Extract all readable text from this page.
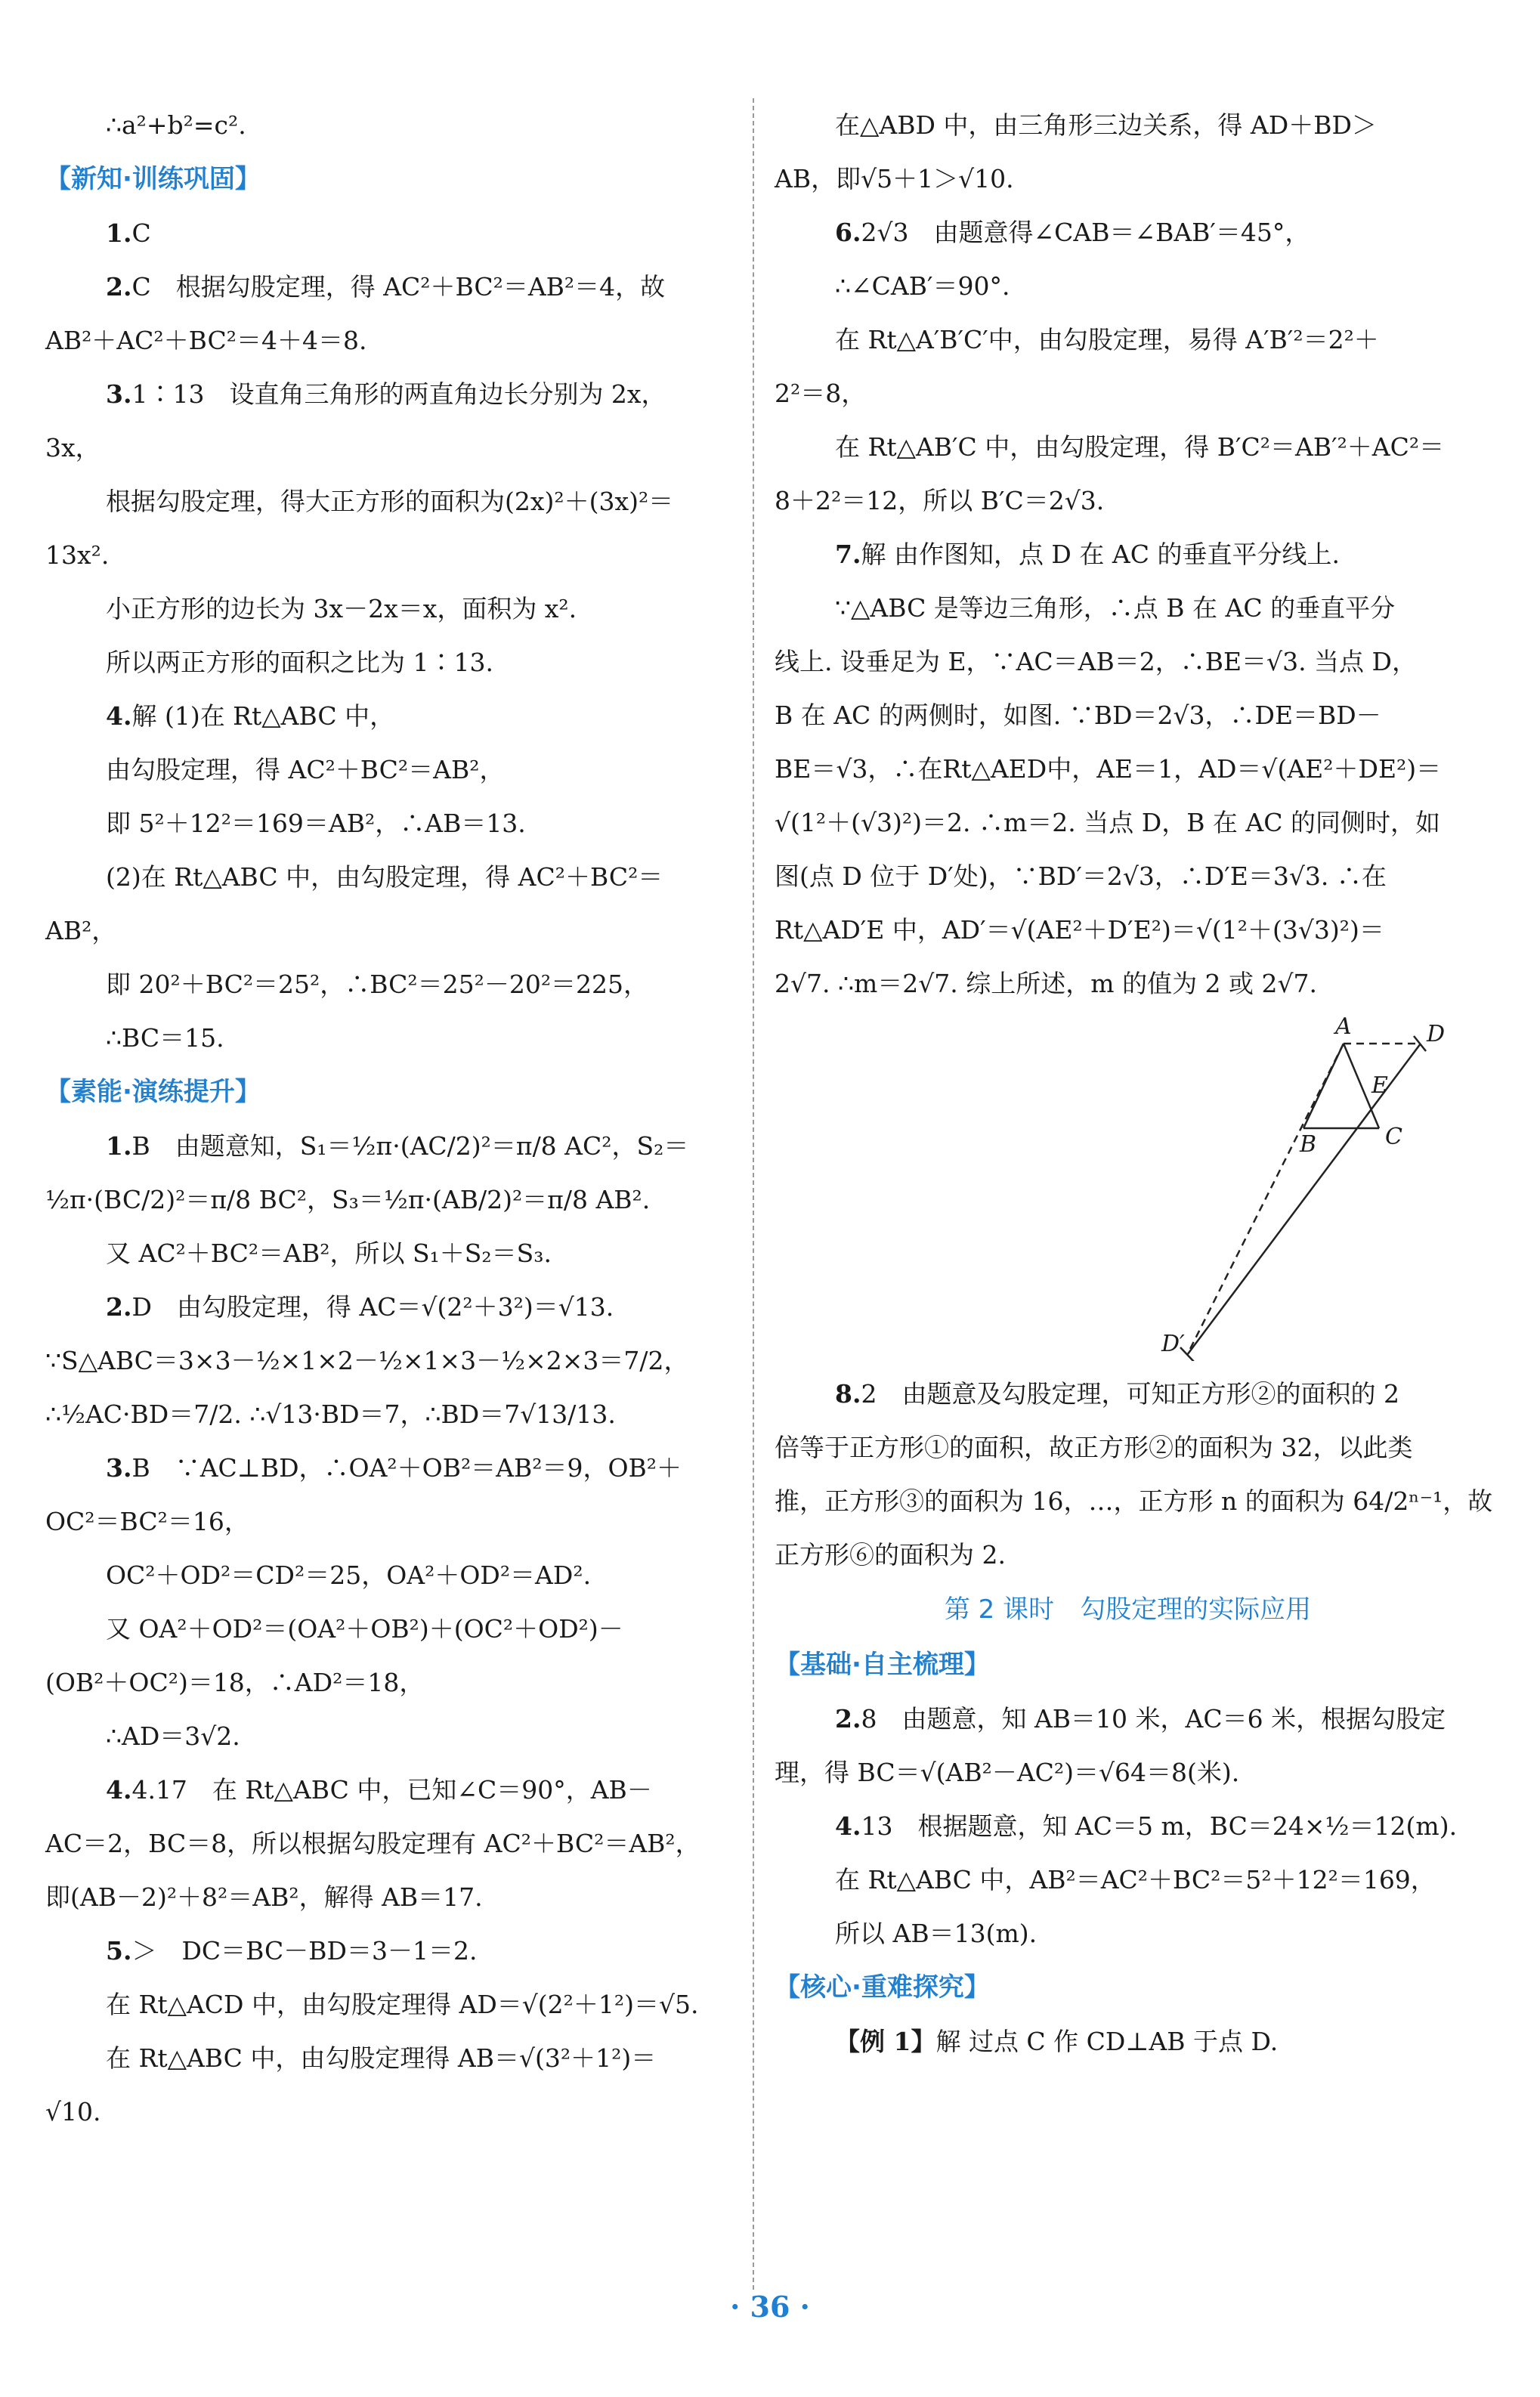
∴a²+b²=c².
【新知·训练巩固】
1.C
2.C　根据勾股定理，得 AC²＋BC²＝AB²＝4，故
AB²＋AC²＋BC²＝4＋4＝8.
3.1∶13　设直角三角形的两直角边长分别为 2x，
3x，
根据勾股定理，得大正方形的面积为(2x)²＋(3x)²＝
13x².
小正方形的边长为 3x－2x＝x，面积为 x².
所以两正方形的面积之比为 1∶13.
4.解 (1)在 Rt△ABC 中，
由勾股定理，得 AC²＋BC²＝AB²，
即 5²＋12²＝169＝AB²，∴AB＝13.
(2)在 Rt△ABC 中，由勾股定理，得 AC²＋BC²＝
AB²，
即 20²＋BC²＝25²，∴BC²＝25²－20²＝225，
∴BC＝15.
【素能·演练提升】
1.B　由题意知，S₁＝½π·(AC/2)²＝π/8 AC²，S₂＝
½π·(BC/2)²＝π/8 BC²，S₃＝½π·(AB/2)²＝π/8 AB².
又 AC²＋BC²＝AB²，所以 S₁＋S₂＝S₃.
2.D　由勾股定理，得 AC＝√(2²＋3²)＝√13.
∵S△ABC＝3×3－½×1×2－½×1×3－½×2×3＝7/2，
∴½AC·BD＝7/2. ∴√13·BD＝7，∴BD＝7√13/13.
3.B　∵AC⊥BD，∴OA²＋OB²＝AB²＝9，OB²＋
OC²＝BC²＝16，
OC²＋OD²＝CD²＝25，OA²＋OD²＝AD².
又 OA²＋OD²＝(OA²＋OB²)＋(OC²＋OD²)－
(OB²＋OC²)＝18，∴AD²＝18，
∴AD＝3√2.
4.4.17　在 Rt△ABC 中，已知∠C＝90°，AB－
AC＝2，BC＝8，所以根据勾股定理有 AC²＋BC²＝AB²，
即(AB－2)²＋8²＝AB²，解得 AB＝17.
5.＞　DC＝BC－BD＝3－1＝2.
在 Rt△ACD 中，由勾股定理得 AD＝√(2²＋1²)＝√5.
在 Rt△ABC 中，由勾股定理得 AB＝√(3²＋1²)＝
√10.
在△ABD 中，由三角形三边关系，得 AD＋BD＞
AB，即√5＋1＞√10.
6.2√3　由题意得∠CAB＝∠BAB′＝45°，
∴∠CAB′＝90°.
在 Rt△A′B′C′中，由勾股定理，易得 A′B′²＝2²＋
2²＝8，
在 Rt△AB′C 中，由勾股定理，得 B′C²＝AB′²＋AC²＝
8＋2²＝12，所以 B′C＝2√3.
7.解 由作图知，点 D 在 AC 的垂直平分线上.
∵△ABC 是等边三角形，∴点 B 在 AC 的垂直平分
线上. 设垂足为 E，∵AC＝AB＝2，∴BE＝√3. 当点 D，
B 在 AC 的两侧时，如图. ∵BD＝2√3，∴DE＝BD－
BE＝√3，∴在Rt△AED中，AE＝1，AD＝√(AE²＋DE²)＝
√(1²＋(√3)²)＝2. ∴m＝2. 当点 D，B 在 AC 的同侧时，如
图(点 D 位于 D′处)，∵BD′＝2√3，∴D′E＝3√3. ∴在
Rt△AD′E 中，AD′＝√(AE²＋D′E²)＝√(1²＋(3√3)²)＝
2√7. ∴m＝2√7. 综上所述，m 的值为 2 或 2√7.
A	D
E
B	C
D′
8.2　由题意及勾股定理，可知正方形②的面积的 2
倍等于正方形①的面积，故正方形②的面积为 32，以此类
推，正方形③的面积为 16，…，正方形 n 的面积为 64/2ⁿ⁻¹，故
正方形⑥的面积为 2.
第 2 课时　勾股定理的实际应用
【基础·自主梳理】
2.8　由题意，知 AB＝10 米，AC＝6 米，根据勾股定
理，得 BC＝√(AB²－AC²)＝√64＝8(米).
4.13　根据题意，知 AC＝5 m，BC＝24×½＝12(m).
在 Rt△ABC 中，AB²＝AC²＋BC²＝5²＋12²＝169，
所以 AB＝13(m).
【核心·重难探究】
【例 1】解 过点 C 作 CD⊥AB 于点 D.
· 36 ·
